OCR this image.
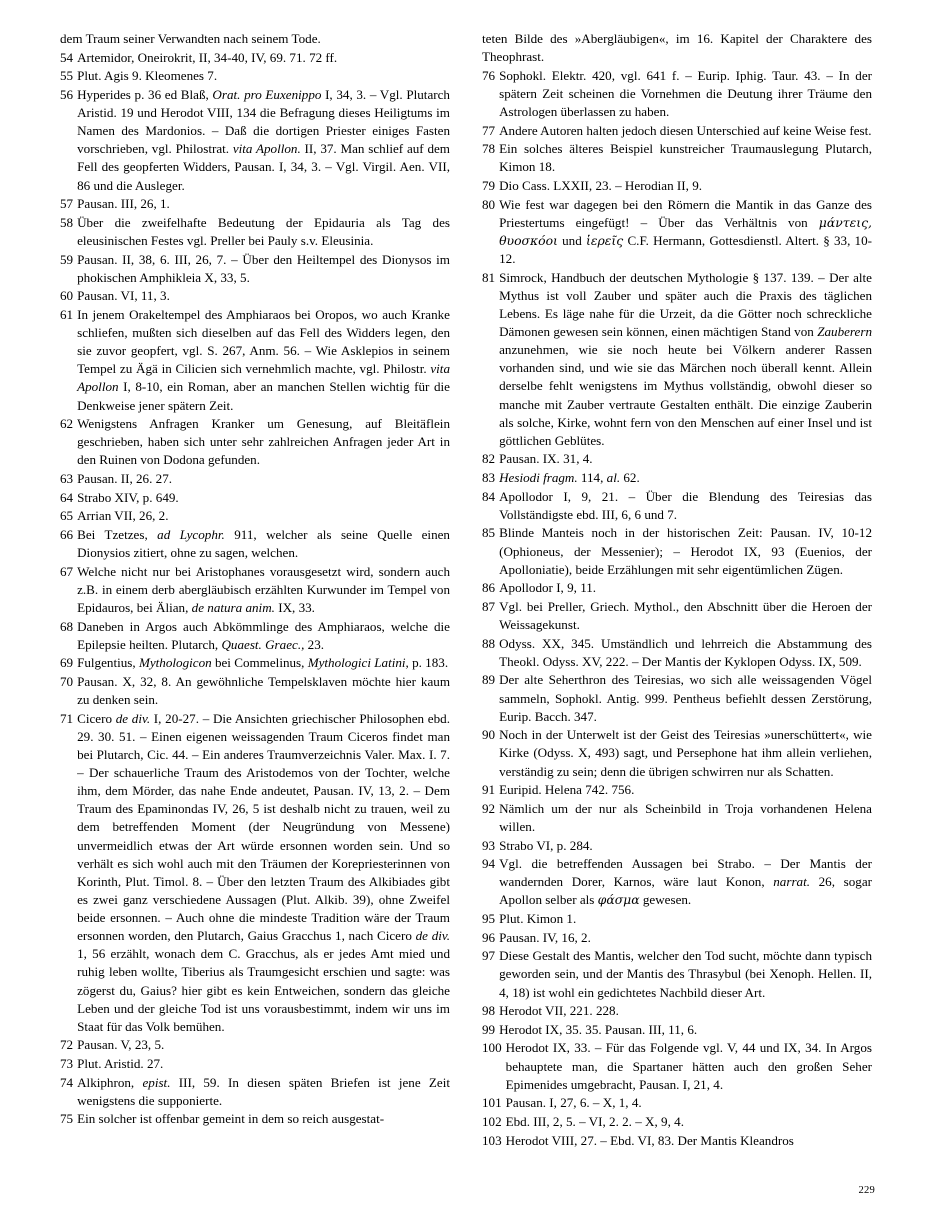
dem Traum seiner Verwandten nach seinem Tode.
54 Artemidor, Oneirokrit, II, 34-40, IV, 69. 71. 72 ff.
55 Plut. Agis 9. Kleomenes 7.
56 Hyperides p. 36 ed Blaß, Orat. pro Euxenippo I, 34, 3. – Vgl. Plutarch Aristid. 19 und Herodot VIII, 134 die Befragung dieses Heiligtums im Namen des Mardonios. – Daß die dortigen Priester einiges Fasten vorschrieben, vgl. Philostrat. vita Apollon. II, 37. Man schlief auf dem Fell des geopferten Widders, Pausan. I, 34, 3. – Vgl. Virgil. Aen. VII, 86 und die Ausleger.
57 Pausan. III, 26, 1.
58 Über die zweifelhafte Bedeutung der Epidauria als Tag des eleusinischen Festes vgl. Preller bei Pauly s.v. Eleusinia.
59 Pausan. II, 38, 6. III, 26, 7. – Über den Heiltempel des Dionysos im phokischen Amphikleia X, 33, 5.
60 Pausan. VI, 11, 3.
61 In jenem Orakeltempel des Amphiaraos bei Oropos, wo auch Kranke schliefen, mußten sich dieselben auf das Fell des Widders legen, den sie zuvor geopfert, vgl. S. 267, Anm. 56. – Wie Asklepios in seinem Tempel zu Ägä in Cilicien sich vernehmlich machte, vgl. Philostr. vita Apollon I, 8-10, ein Roman, aber an manchen Stellen wichtig für die Denkweise jener spätern Zeit.
62 Wenigstens Anfragen Kranker um Genesung, auf Bleitäflein geschrieben, haben sich unter sehr zahlreichen Anfragen jeder Art in den Ruinen von Dodona gefunden.
63 Pausan. II, 26. 27.
64 Strabo XIV, p. 649.
65 Arrian VII, 26, 2.
66 Bei Tzetzes, ad Lycophr. 911, welcher als seine Quelle einen Dionysios zitiert, ohne zu sagen, welchen.
67 Welche nicht nur bei Aristophanes vorausgesetzt wird, sondern auch z.B. in einem derb abergläubisch erzählten Kurwunder im Tempel von Epidauros, bei Älian, de natura anim. IX, 33.
68 Daneben in Argos auch Abkömmlinge des Amphiaraos, welche die Epilepsie heilten. Plutarch, Quaest. Graec., 23.
69 Fulgentius, Mythologicon bei Commelinus, Mythologici Latini, p. 183.
70 Pausan. X, 32, 8. An gewöhnliche Tempelsklaven möchte hier kaum zu denken sein.
71 Cicero de div. I, 20-27. – Die Ansichten griechischer Philosophen ebd. 29. 30. 51. – Einen eigenen weissagenden Traum Ciceros findet man bei Plutarch, Cic. 44. – Ein anderes Traumverzeichnis Valer. Max. I. 7. – Der schauerliche Traum des Aristodemos von der Tochter, welche ihm, dem Mörder, das nahe Ende andeutet, Pausan. IV, 13, 2. – Dem Traum des Epaminondas IV, 26, 5 ist deshalb nicht zu trauen, weil zu dem betreffenden Moment (der Neugründung von Messene) unvermeidlich etwas der Art würde ersonnen worden sein. Und so verhält es sich wohl auch mit den Träumen der Korepriesterinnen von Korinth, Plut. Timol. 8. – Über den letzten Traum des Alkibiades gibt es zwei ganz verschiedene Aussagen (Plut. Alkib. 39), ohne Zweifel beide ersonnen. – Auch ohne die mindeste Tradition wäre der Traum ersonnen worden, den Plutarch, Gaius Gracchus 1, nach Cicero de div. 1, 56 erzählt, wonach dem C. Gracchus, als er jedes Amt mied und ruhig leben wollte, Tiberius als Traumgesicht erschien und sagte: was zögerst du, Gaius? hier gibt es kein Entweichen, sondern das gleiche Leben und der gleiche Tod ist uns vorausbestimmt, indem wir uns im Staat für das Volk bemühen.
72 Pausan. V, 23, 5.
73 Plut. Aristid. 27.
74 Alkiphron, epist. III, 59. In diesen späten Briefen ist jene Zeit wenigstens die supponierte.
75 Ein solcher ist offenbar gemeint in dem so reich ausgestat-
teten Bilde des »Abergläubigen«, im 16. Kapitel der Charaktere des Theophrast.
76 Sophokl. Elektr. 420, vgl. 641 f. – Eurip. Iphig. Taur. 43. – In der spätern Zeit scheinen die Vornehmen die Deutung ihrer Träume den Astrologen überlassen zu haben.
77 Andere Autoren halten jedoch diesen Unterschied auf keine Weise fest.
78 Ein solches älteres Beispiel kunstreicher Traumauslegung Plutarch, Kimon 18.
79 Dio Cass. LXXII, 23. – Herodian II, 9.
80 Wie fest war dagegen bei den Römern die Mantik in das Ganze des Priestertums eingefügt! – Über das Verhältnis von μάντεις, θυοσκόοι und ἱερεῖς C.F. Hermann, Gottesdienstl. Altert. § 33, 10-12.
81 Simrock, Handbuch der deutschen Mythologie § 137. 139. – Der alte Mythus ist voll Zauber und später auch die Praxis des täglichen Lebens. Es läge nahe für die Urzeit, da die Götter noch schreckliche Dämonen gewesen sein können, einen mächtigen Stand von Zauberern anzunehmen, wie sie noch heute bei Völkern anderer Rassen vorhanden sind, und wie sie das Märchen noch überall kennt. Allein derselbe fehlt wenigstens im Mythus vollständig, obwohl dieser so manche mit Zauber vertraute Gestalten enthält. Die einzige Zauberin als solche, Kirke, wohnt fern von den Menschen auf einer Insel und ist göttlichen Geblütes.
82 Pausan. IX. 31, 4.
83 Hesiodi fragm. 114, al. 62.
84 Apollodor I, 9, 21. – Über die Blendung des Teiresias das Vollständigste ebd. III, 6, 6 und 7.
85 Blinde Manteis noch in der historischen Zeit: Pausan. IV, 10-12 (Ophioneus, der Messenier); – Herodot IX, 93 (Euenios, der Apolloniatie), beide Erzählungen mit sehr eigentümlichen Zügen.
86 Apollodor I, 9, 11.
87 Vgl. bei Preller, Griech. Mythol., den Abschnitt über die Heroen der Weissagekunst.
88 Odyss. XX, 345. Umständlich und lehrreich die Abstammung des Theokl. Odyss. XV, 222. – Der Mantis der Kyklopen Odyss. IX, 509.
89 Der alte Seherthron des Teiresias, wo sich alle weissagenden Vögel sammeln, Sophokl. Antig. 999. Pentheus befiehlt dessen Zerstörung, Eurip. Bacch. 347.
90 Noch in der Unterwelt ist der Geist des Teiresias »unerschüttert«, wie Kirke (Odyss. X, 493) sagt, und Persephone hat ihm allein verliehen, verständig zu sein; denn die übrigen schwirren nur als Schatten.
91 Euripid. Helena 742. 756.
92 Nämlich um der nur als Scheinbild in Troja vorhandenen Helena willen.
93 Strabo VI, p. 284.
94 Vgl. die betreffenden Aussagen bei Strabo. – Der Mantis der wandernden Dorer, Karnos, wäre laut Konon, narrat. 26, sogar Apollon selber als φάσμα gewesen.
95 Plut. Kimon 1.
96 Pausan. IV, 16, 2.
97 Diese Gestalt des Mantis, welcher den Tod sucht, möchte dann typisch geworden sein, und der Mantis des Thrasybul (bei Xenoph. Hellen. II, 4, 18) ist wohl ein gedichtetes Nachbild dieser Art.
98 Herodot VII, 221. 228.
99 Herodot IX, 35. 35. Pausan. III, 11, 6.
100 Herodot IX, 33. – Für das Folgende vgl. V, 44 und IX, 34. In Argos behauptete man, die Spartaner hätten auch den großen Seher Epimenides umgebracht, Pausan. I, 21, 4.
101 Pausan. I, 27, 6. – X, 1, 4.
102 Ebd. III, 2, 5. – VI, 2. 2. – X, 9, 4.
103 Herodot VIII, 27. – Ebd. VI, 83. Der Mantis Kleandros
229
